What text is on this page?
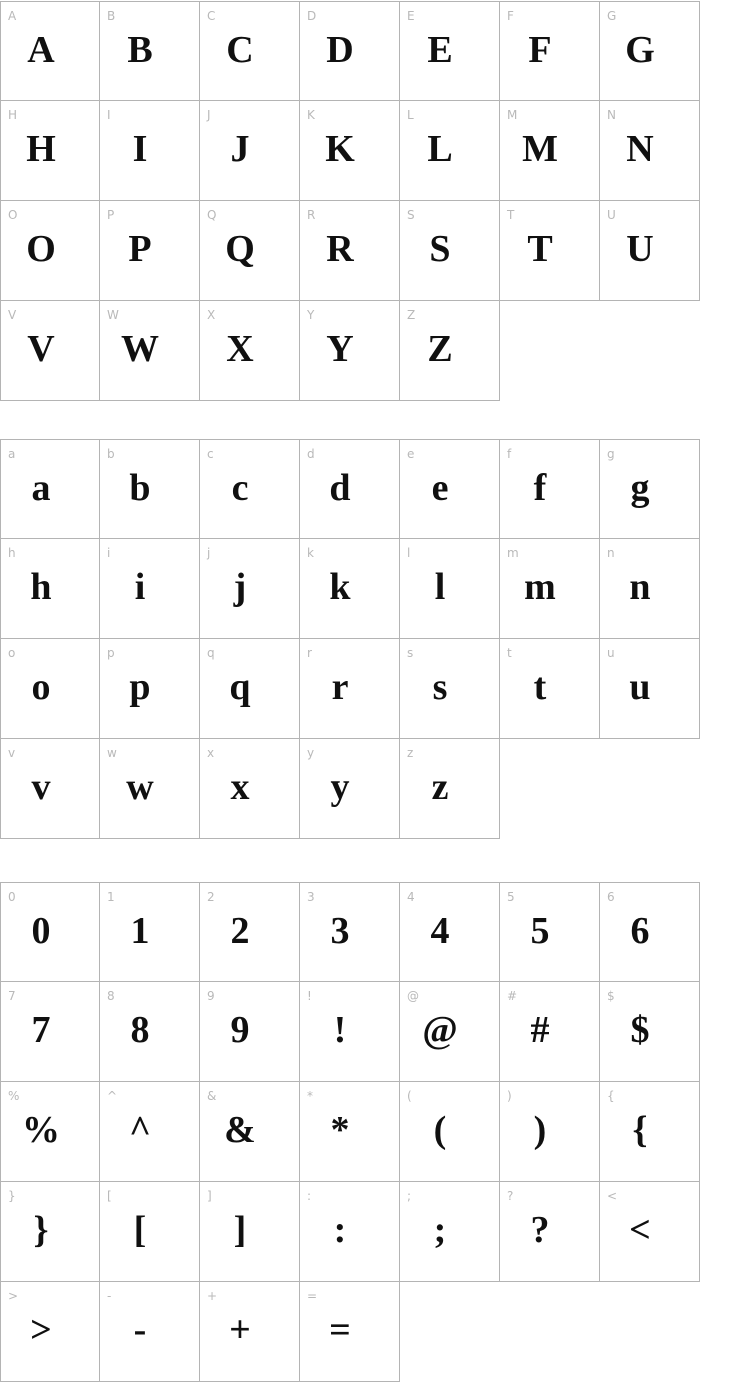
A
A
B
B
C
C
D
D
E
E
F
F
G
G
H
H
I
I
J
J
K
K
L
L
M
M
N
N
O
O
P
P
Q
Q
R
R
S
S
T
T
U
U
V
V
W
W
X
X
Y
Y
Z
Z
a
a
b
b
c
c
d
d
e
e
f
f
g
g
h
h
i
i
j
j
k
k
l
l
m
m
n
n
o
o
p
p
q
q
r
r
s
s
t
t
u
u
v
v
w
w
x
x
y
y
z
z
0
0
1
1
2
2
3
3
4
4
5
5
6
6
7
7
8
8
9
9
!
!
@
@
#
#
$
$
%
%
^
^
&
&
*
*
(
(
)
)
{
{
}
}
[
[
]
]
:
:
;
;
?
?
<
<
>
>
-
-
+
+
=
=
